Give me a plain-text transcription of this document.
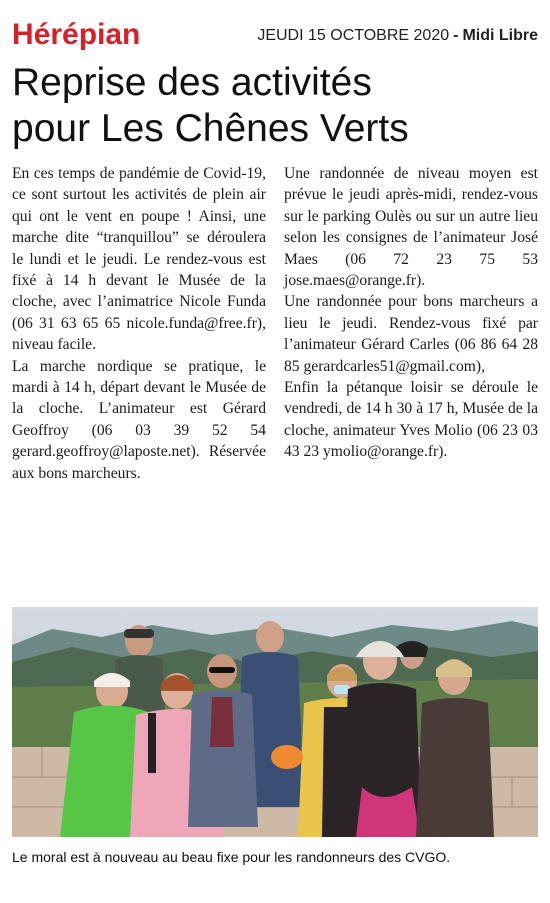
Hérépian	JEUDI 15 OCTOBRE 2020 - Midi Libre
Reprise des activités
pour Les Chênes Verts

En ces temps de pandémie de Covid-19, ce sont surtout les activités de plein air qui ont le vent en poupe ! Ainsi, une marche dite “tranquillou” se déroulera le lundi et le jeudi. Le rendez-vous est fixé à 14 h devant le Musée de la cloche, avec l’animatrice Nicole Funda (06 31 63 65 65 nicole.funda@free.fr), niveau facile.

La marche nordique se pratique, le mardi à 14 h, départ devant le Musée de la cloche. L’animateur est Gérard Geoffroy (06 03 39 52 54 gerard.geoffroy@laposte.net). Réservée aux bons marcheurs.

Une randonnée de niveau moyen est prévue le jeudi après-midi, rendez-vous sur le parking Oulès ou sur un autre lieu selon les consignes de l’animateur José Maes (06 72 23 75 53 jose.maes@orange.fr).

Une randonnée pour bons marcheurs a lieu le jeudi. Rendez-vous fixé par l’animateur Gérard Carles (06 86 64 28 85 gerardcarles51@gmail.com),

Enfin la pétanque loisir se déroule le vendredi, de 14 h 30 à 17 h, Musée de la cloche, animateur Yves Molio (06 23 03 43 23 ymolio@orange.fr).

Le moral est à nouveau au beau fixe pour les randonneurs des CVGO.
